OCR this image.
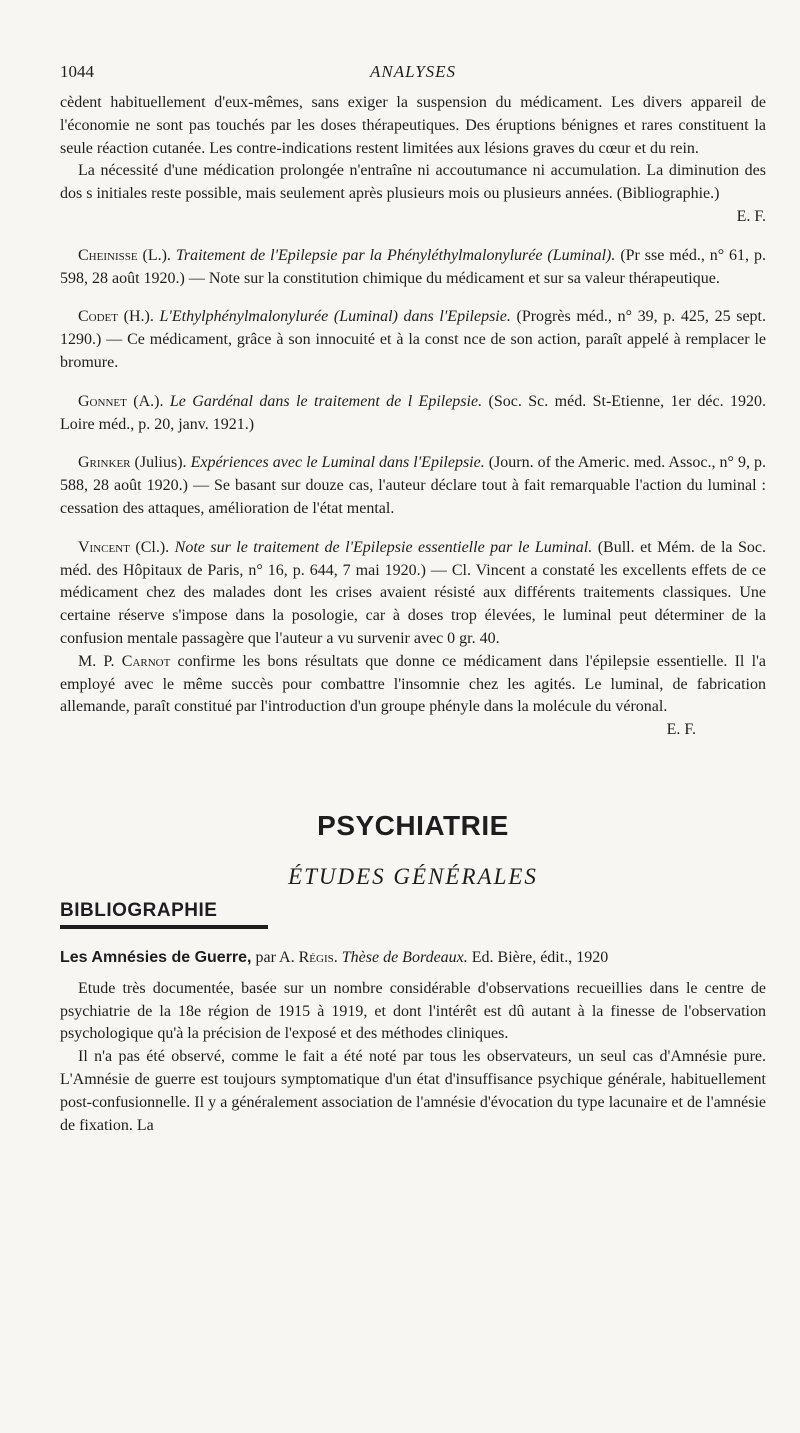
1044	ANALYSES

cèdent habituellement d'eux-mêmes, sans exiger la suspension du médicament. Les divers appareil de l'économie ne sont pas touchés par les doses thérapeutiques. Des éruptions bénignes et rares constituent la seule réaction cutanée. Les contre-indications restent limitées aux lésions graves du cœur et du rein.

La nécessité d'une médication prolongée n'entraîne ni accoutumance ni accumulation. La diminution des dos s initiales reste possible, mais seulement après plusieurs mois ou plusieurs années. (Bibliographie.)
E. F.

Cheinisse (L.). Traitement de l'Epilepsie par la Phényléthylmalonylurée (Luminal). (Pr sse méd., n° 61, p. 598, 28 août 1920.) — Note sur la constitution chimique du médicament et sur sa valeur thérapeutique.

Codet (H.). L'Ethylphénylmalonylurée (Luminal) dans l'Epilepsie. (Progrès méd., n° 39, p. 425, 25 sept. 1290.) — Ce médicament, grâce à son innocuité et à la const nce de son action, paraît appelé à remplacer le bromure.

Gonnet (A.). Le Gardénal dans le traitement de l Epilepsie. (Soc. Sc. méd. St-Etienne, 1er déc. 1920. Loire méd., p. 20, janv. 1921.)

Grinker (Julius). Expériences avec le Luminal dans l'Epilepsie. (Journ. of the Americ. med. Assoc., n° 9, p. 588, 28 août 1920.) — Se basant sur douze cas, l'auteur déclare tout à fait remarquable l'action du luminal : cessation des attaques, amélioration de l'état mental.

Vincent (Cl.). Note sur le traitement de l'Epilepsie essentielle par le Luminal. (Bull. et Mém. de la Soc. méd. des Hôpitaux de Paris, n° 16, p. 644, 7 mai 1920.) — Cl. Vincent a constaté les excellents effets de ce médicament chez des malades dont les crises avaient résisté aux différents traitements classiques. Une certaine réserve s'impose dans la posologie, car à doses trop élevées, le luminal peut déterminer de la confusion mentale passagère que l'auteur a vu survenir avec 0 gr. 40.

M. P. Carnot confirme les bons résultats que donne ce médicament dans l'épilepsie essentielle. Il l'a employé avec le même succès pour combattre l'insomnie chez les agités. Le luminal, de fabrication allemande, paraît constitué par l'introduction d'un groupe phényle dans la molécule du véronal.
E. F.

PSYCHIATRIE
ÉTUDES GÉNÉRALES
BIBLIOGRAPHIE

Les Amnésies de Guerre, par A. Régis. Thèse de Bordeaux. Ed. Bière, édit., 1920

Etude très documentée, basée sur un nombre considérable d'observations recueillies dans le centre de psychiatrie de la 18e région de 1915 à 1919, et dont l'intérêt est dû autant à la finesse de l'observation psychologique qu'à la précision de l'exposé et des méthodes cliniques.

Il n'a pas été observé, comme le fait a été noté par tous les observateurs, un seul cas d'Amnésie pure. L'Amnésie de guerre est toujours symptomatique d'un état d'insuffisance psychique générale, habituellement post-confusionnelle. Il y a généralement association de l'amnésie d'évocation du type lacunaire et de l'amnésie de fixation. La
